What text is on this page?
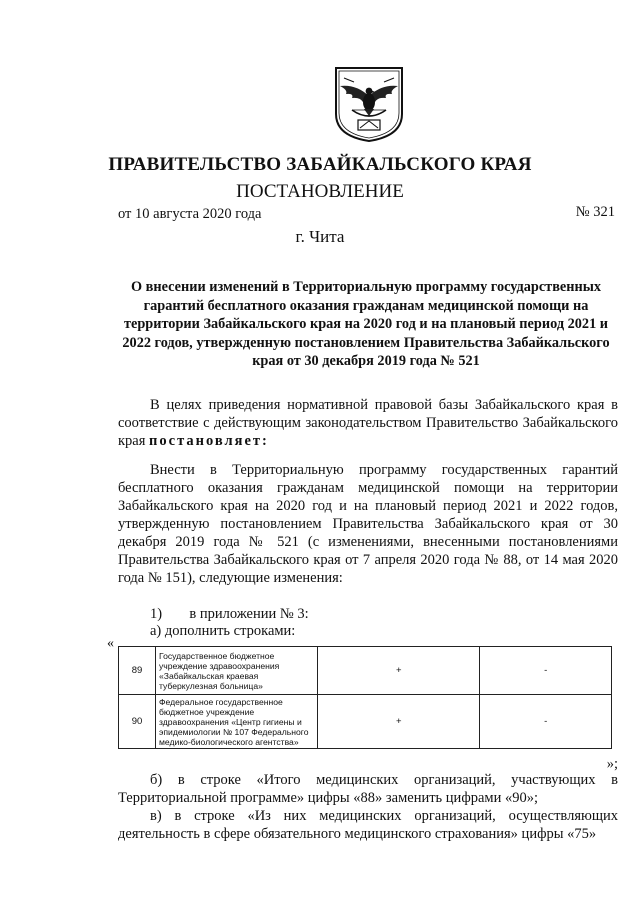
ПРАВИТЕЛЬСТВО ЗАБАЙКАЛЬСКОГО КРАЯ
ПОСТАНОВЛЕНИЕ
от 10 августа 2020 года	№ 321
г. Чита
О внесении изменений в Территориальную программу государственных гарантий бесплатного оказания гражданам медицинской помощи на территории Забайкальского края на 2020 год и на плановый период 2021 и 2022 годов, утвержденную постановлением Правительства Забайкальского края от 30 декабря 2019 года № 521
В целях приведения нормативной правовой базы Забайкальского края в соответствие с действующим законодательством Правительство Забайкальского края постановляет:
Внести в Территориальную программу государственных гарантий бесплатного оказания гражданам медицинской помощи на территории Забайкальского края на 2020 год и на плановый период 2021 и 2022 годов, утвержденную постановлением Правительства Забайкальского края от 30 декабря 2019 года № 521 (с изменениями, внесенными постановлениями Правительства Забайкальского края от 7 апреля 2020 года № 88, от 14 мая 2020 года № 151), следующие изменения:
1) в приложении № 3:
а) дополнить строками:
«
89	Государственное бюджетное учреждение здравоохранения «Забайкальская краевая туберкулезная больница»	+	-
90	Федеральное государственное бюджетное учреждение здравоохранения «Центр гигиены и эпидемиологии № 107 Федерального медико-биологического агентства»	+	-
»;
б) в строке «Итого медицинских организаций, участвующих в Территориальной программе» цифры «88» заменить цифрами «90»;
в) в строке «Из них медицинских организаций, осуществляющих деятельность в сфере обязательного медицинского страхования» цифры «75»
